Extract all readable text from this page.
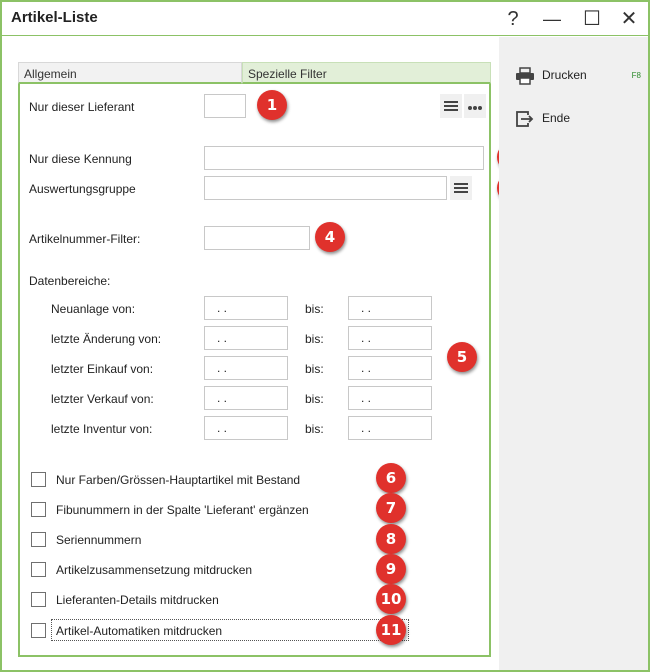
Artikel-Liste	?	— ☐ ✕
Allgemein	Spezielle Filter
Nur dieser Lieferant
Nur diese Kennung
Auswertungsgruppe
Artikelnummer-Filter:
Datenbereiche:
Neuanlage von:	. .	bis:	. .
letzte Änderung von:	. .	bis:	. .
letzter Einkauf von:	. .	bis:	. .
letzter Verkauf von:	. .	bis:	. .
letzte Inventur von:	. .	bis:	. .
Nur Farben/Grössen-Hauptartikel mit Bestand
Fibunummern in der Spalte 'Lieferant' ergänzen
Seriennummern
Artikelzusammensetzung mitdrucken
Lieferanten-Details mitdrucken
Artikel-Automatiken mitdrucken
1
4
5
6
7
8
9
10
11
Drucken	F8
Ende
